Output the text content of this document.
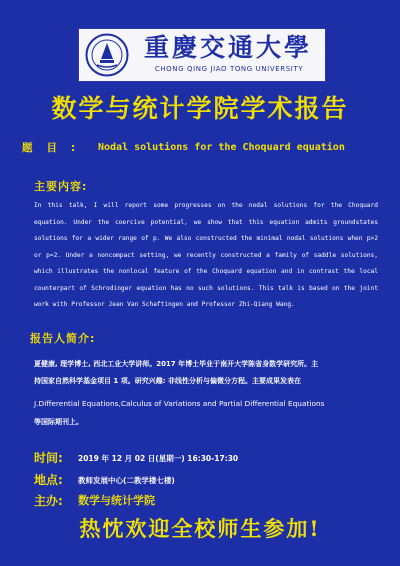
重慶交通大學
CHONG QING JIAO TONG UNIVERSITY
数学与统计学院学术报告
题目: Nodal solutions for the Choquard equation
主要内容:
In this talk, I will report some progresses on the nodal solutions for the Choquard equation. Under the coercive potential, we show that this equation admits groundstates solutions for a wider range of p. We also constructed the minimal nodal solutions when p>2 or p=2. Under a noncompact setting, we recently constructed a family of saddle solutions, which illustrates the nonlocal feature of the Choquard equation and in contrast the local counterpart of Schrodinger equation has no such solutions. This talk is based on the joint work with Professor Jean Van Schaftingen and Professor Zhi-Qiang Wang.
报告人简介:
夏健康, 理学博士, 西北工业大学讲师。2017 年博士毕业于南开大学陈省身数学研究所。主
持国家自然科学基金项目 1 项。研究兴趣: 非线性分析与偏微分方程。主要成果发表在
J.Differential Equations,Calculus of Variations and Partial Differential Equations
等国际期刊上。
时间: 2019 年 12 月 02 日(星期一) 16:30-17:30
地点: 教师发展中心(二教学楼七楼)
主办: 数学与统计学院
热忱欢迎全校师生参加!
